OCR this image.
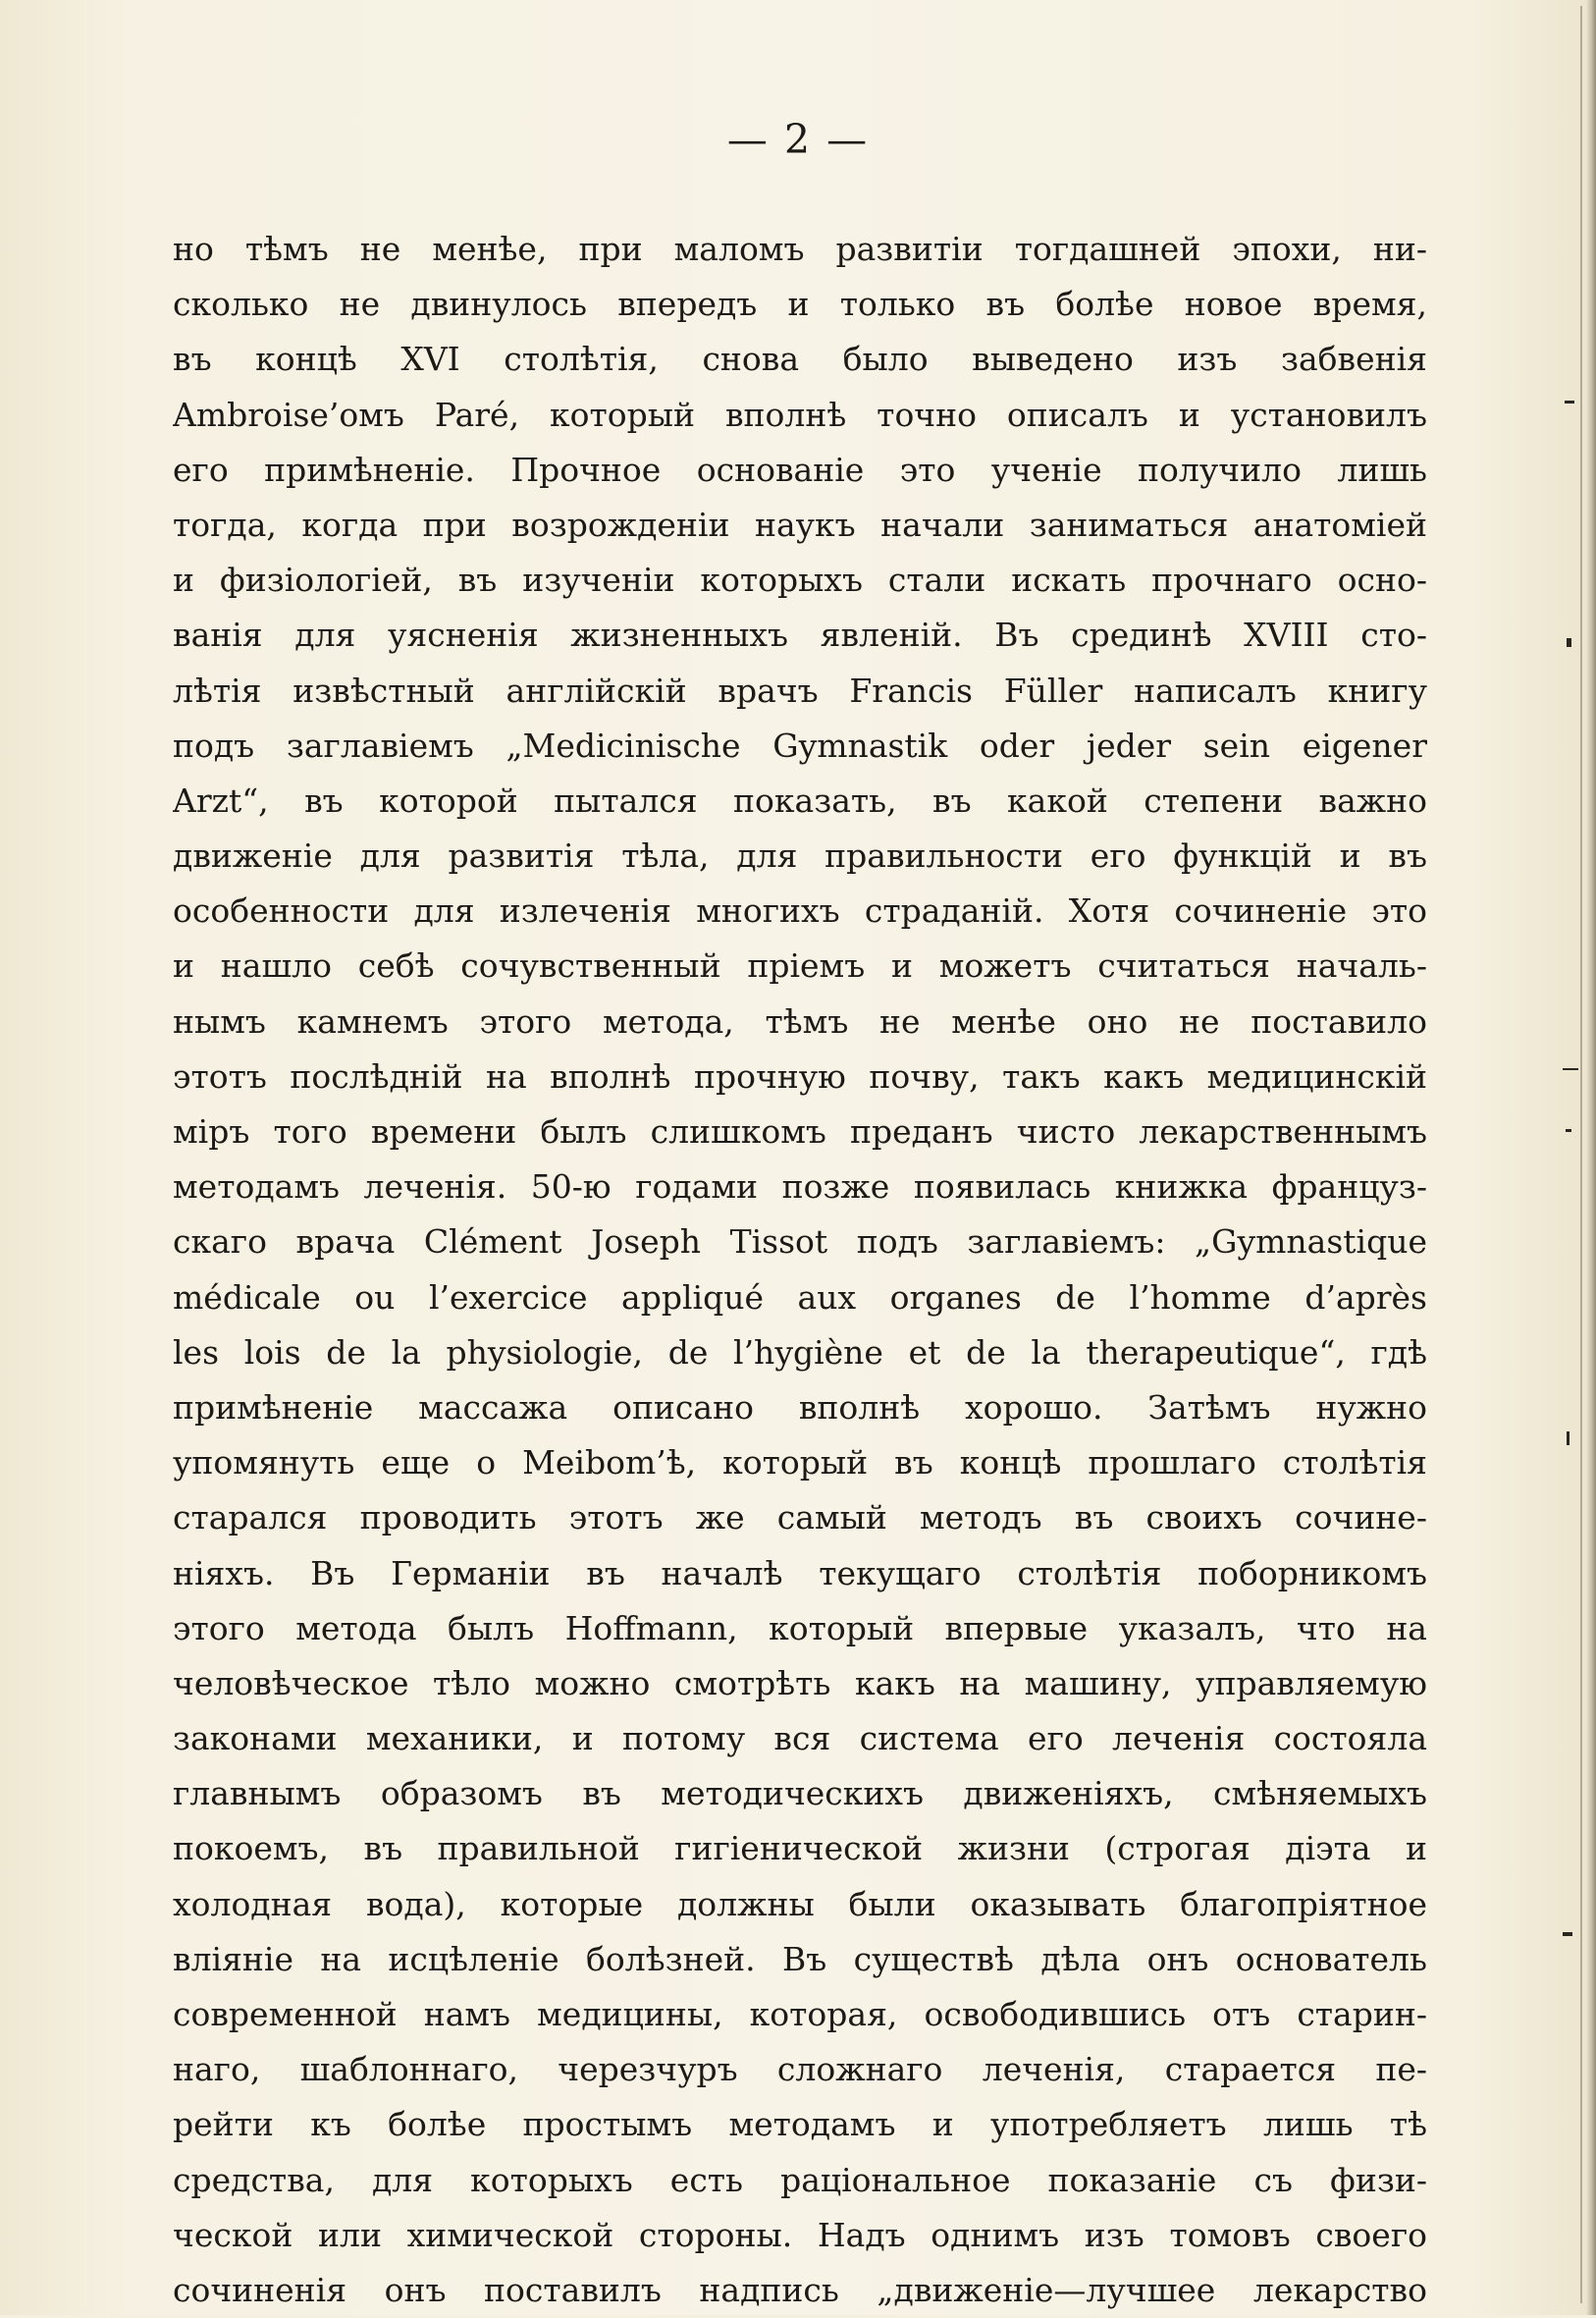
— 2 —
но тѣмъ не менѣе, при маломъ развитіи тогдашней эпохи, ни-
сколько не двинулось впередъ и только въ болѣе новое время,
въ концѣ XVI столѣтія, снова было выведено изъ забвенія
Ambroise’омъ Paré, который вполнѣ точно описалъ и установилъ
его примѣненіе. Прочное основаніе это ученіе получило лишь
тогда, когда при возрожденіи наукъ начали заниматься анатоміей
и физіологіей, въ изученіи которыхъ стали искать прочнаго осно-
ванія для уясненія жизненныхъ явленій. Въ срединѣ XVIII сто-
лѣтія извѣстный англійскій врачъ Francis Füller написалъ книгу
подъ заглавіемъ „Medicinische Gymnastik oder jeder sein eigener
Arzt“, въ которой пытался показать, въ какой степени важно
движеніе для развитія тѣла, для правильности его функцій и въ
особенности для излеченія многихъ страданій. Хотя сочиненіе это
и нашло себѣ сочувственный пріемъ и можетъ считаться началь-
нымъ камнемъ этого метода, тѣмъ не менѣе оно не поставило
этотъ послѣдній на вполнѣ прочную почву, такъ какъ медицинскій
міръ того времени былъ слишкомъ преданъ чисто лекарственнымъ
методамъ леченія. 50-ю годами позже появилась книжка француз-
скаго врача Clément Joseph Tissot подъ заглавіемъ: „Gymnastique
médicale ou l’exercice appliqué aux organes de l’homme d’après
les lois de la physiologie, de l’hygiène et de la therapeutique“, гдѣ
примѣненіе массажа описано вполнѣ хорошо. Затѣмъ нужно
упомянуть еще о Meibom’ѣ, который въ концѣ прошлаго столѣтія
старался проводить этотъ же самый методъ въ своихъ сочине-
ніяхъ. Въ Германіи въ началѣ текущаго столѣтія поборникомъ
этого метода былъ Hoffmann, который впервые указалъ, что на
человѣческое тѣло можно смотрѣть какъ на машину, управляемую
законами механики, и потому вся система его леченія состояла
главнымъ образомъ въ методическихъ движеніяхъ, смѣняемыхъ
покоемъ, въ правильной гигіенической жизни (строгая діэта и
холодная вода), которые должны были оказывать благопріятное
вліяніе на исцѣленіе болѣзней. Въ существѣ дѣла онъ основатель
современной намъ медицины, которая, освободившись отъ старин-
наго, шаблоннаго, черезчуръ сложнаго леченія, старается пе-
рейти къ болѣе простымъ методамъ и употребляетъ лишь тѣ
средства, для которыхъ есть раціональное показаніе съ физи-
ческой или химической стороны. Надъ однимъ изъ томовъ своего
сочиненія онъ поставилъ надпись „движеніе—лучшее лекарство
